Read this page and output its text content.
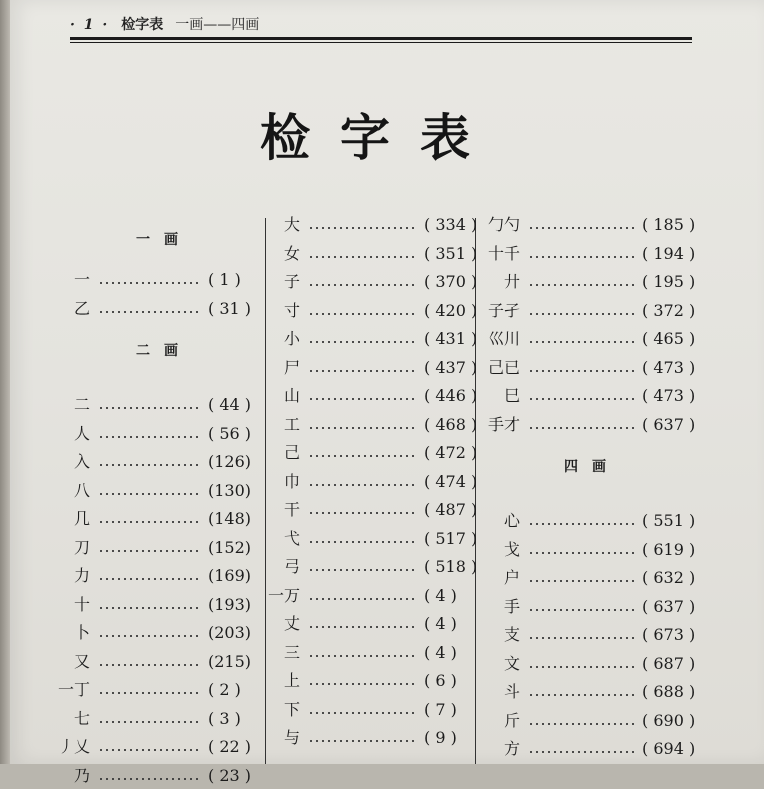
· 1 · 检字表 一画——四画
检字表
一画
一	( 1 )
乙	( 31 )
二画
二	( 44 )
人	( 56 )
入	(126)
八	(130)
几	(148)
刀	(152)
力	(169)
十	(193)
卜	(203)
又	(215)
一丁	( 2 )
七	( 3 )
丿乂	( 22 )
乃	( 23 )
大	( 334 )
女	( 351 )
子	( 370 )
寸	( 420 )
小	( 431 )
尸	( 437 )
山	( 446 )
工	( 468 )
己	( 472 )
巾	( 474 )
干	( 487 )
弋	( 517 )
弓	( 518 )
一万	( 4 )
丈	( 4 )
三	( 4 )
上	( 6 )
下	( 7 )
与	( 9 )
勹勺	( 185 )
十千	( 194 )
廾	( 195 )
子孑	( 372 )
巛川	( 465 )
己已	( 473 )
巳	( 473 )
手才	( 637 )
四画
心	( 551 )
戈	( 619 )
户	( 632 )
手	( 637 )
支	( 673 )
文	( 687 )
斗	( 688 )
斤	( 690 )
方	( 694 )
